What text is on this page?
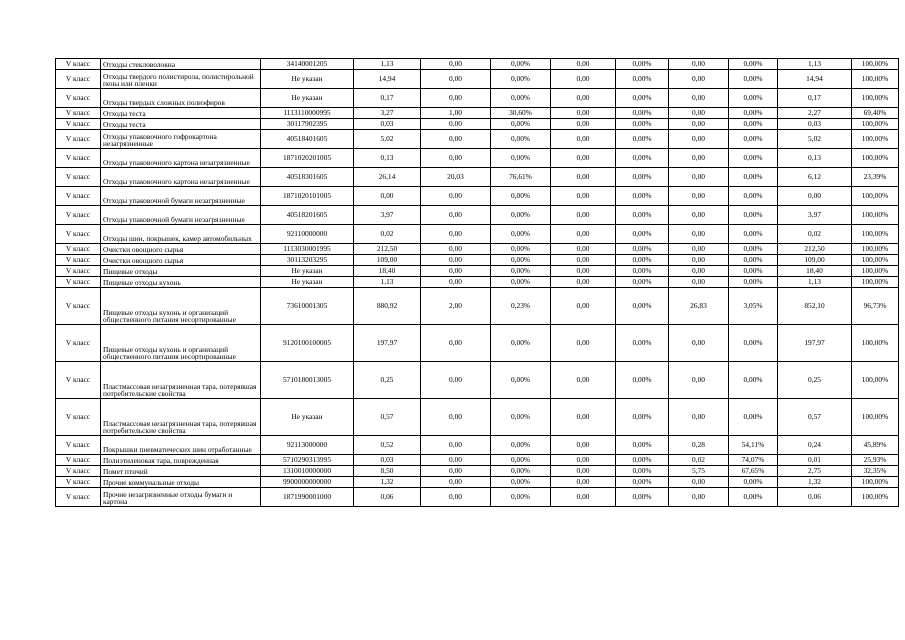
V класс	Отходы стекловолокна	34140001205	1,13	0,00	0,00%	0,00	0,00%	0,00	0,00%	1,13	100,00%
V класс	Отходы твердого полистирола, полистирольной пены или пленки	Не указан	14,94	0,00	0,00%	0,00	0,00%	0,00	0,00%	14,94	100,00%
V класс	Отходы твердых сложных полиэфиров	Не указан	0,17	0,00	0,00%	0,00	0,00%	0,00	0,00%	0,17	100,00%
V класс	Отходы теста	1113110000995	3,27	1,00	30,60%	0,00	0,00%	0,00	0,00%	2,27	69,40%
V класс	Отходы теста	30117902395	0,03	0,00	0,00%	0,00	0,00%	0,00	0,00%	0,03	100,00%
V класс	Отходы упаковочного гофрокартона незагрязненные	40518401605	5,02	0,00	0,00%	0,00	0,00%	0,00	0,00%	5,02	100,00%
V класс	Отходы упаковочного картона незагрязненные	1871020201005	0,13	0,00	0,00%	0,00	0,00%	0,00	0,00%	0,13	100,00%
V класс	Отходы упаковочного картона незагрязненные	40518301605	26,14	20,03	76,61%	0,00	0,00%	0,00	0,00%	6,12	23,39%
V класс	Отходы упаковочной бумаги незагрязненные	1871020101005	0,00	0,00	0,00%	0,00	0,00%	0,00	0,00%	0,00	100,00%
V класс	Отходы упаковочной бумаги незагрязненные	40518201605	3,97	0,00	0,00%	0,00	0,00%	0,00	0,00%	3,97	100,00%
V класс	Отходы шин, покрышек, камер автомобильных	92110000000	0,02	0,00	0,00%	0,00	0,00%	0,00	0,00%	0,02	100,00%
V класс	Очистки овощного сырья	1113030001995	212,50	0,00	0,00%	0,00	0,00%	0,00	0,00%	212,50	100,00%
V класс	Очистки овощного сырья	30113203295	109,00	0,00	0,00%	0,00	0,00%	0,00	0,00%	109,00	100,00%
V класс	Пищевые отходы	Не указан	18,40	0,00	0,00%	0,00	0,00%	0,00	0,00%	18,40	100,00%
V класс	Пищевые отходы кухонь	Не указан	1,13	0,00	0,00%	0,00	0,00%	0,00	0,00%	1,13	100,00%
V класс	Пищевые отходы кухонь и организаций общественного питания несортированные	73610001305	880,92	2,00	0,23%	0,00	0,00%	26,83	3,05%	852,10	96,73%
V класс	Пищевые отходы кухонь и организаций общественного питания несортированные	9120100100005	197,97	0,00	0,00%	0,00	0,00%	0,00	0,00%	197,97	100,00%
V класс	Пластмассовая незагрязненная тара, потерявшая потребительские свойства	5710180013005	0,25	0,00	0,00%	0,00	0,00%	0,00	0,00%	0,25	100,00%
V класс	Пластмассовая незагрязненная тара, потерявшая потребительские свойства	Не указан	0,57	0,00	0,00%	0,00	0,00%	0,00	0,00%	0,57	100,00%
V класс	Покрышки пневматических шин отработанные	92113000000	0,52	0,00	0,00%	0,00	0,00%	0,28	54,11%	0,24	45,89%
V класс	Полиэтиленовая тара, поврежденная	5710290313995	0,03	0,00	0,00%	0,00	0,00%	0,02	74,07%	0,01	25,93%
V класс	Помет птичий	1310010000000	8,50	0,00	0,00%	0,00	0,00%	5,75	67,65%	2,75	32,35%
V класс	Прочие коммунальные отходы	9900000000000	1,32	0,00	0,00%	0,00	0,00%	0,00	0,00%	1,32	100,00%
V класс	Прочие незагрязненные отходы бумаги и картона	1871990001000	0,06	0,00	0,00%	0,00	0,00%	0,00	0,00%	0,06	100,00%
